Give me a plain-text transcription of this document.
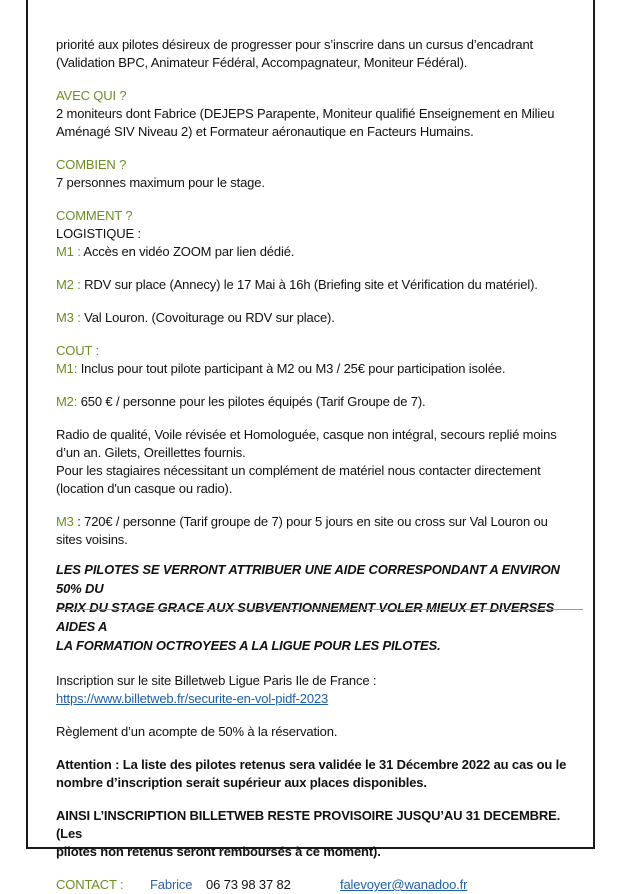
priorité aux pilotes désireux de progresser pour s’inscrire dans un cursus d’encadrant

(Validation BPC, Animateur Fédéral, Accompagnateur, Moniteur Fédéral).

AVEC QUI ?

2 moniteurs dont Fabrice (DEJEPS Parapente, Moniteur qualifié Enseignement en Milieu

Aménagé SIV Niveau 2) et Formateur aéronautique en Facteurs Humains.

COMBIEN ?

7 personnes maximum pour le stage.

COMMENT ?

LOGISTIQUE :

M1 : Accès en vidéo ZOOM par lien dédié.

M2 : RDV sur place (Annecy) le 17 Mai à 16h (Briefing site et Vérification du matériel).

M3 : Val Louron. (Covoiturage ou RDV sur place).

COUT :

M1: Inclus pour tout pilote participant à M2 ou M3 / 25€ pour participation isolée.

M2: 650 € / personne pour les pilotes équipés (Tarif Groupe de 7).

Radio de qualité, Voile révisée et Homologuée, casque non intégral, secours replié moins

d’un an. Gilets, Oreillettes fournis.

Pour les stagiaires nécessitant un complément de matériel nous contacter directement

(location d'un casque ou radio).

M3 : 720€ / personne (Tarif groupe de 7) pour 5 jours en site ou cross sur Val Louron ou

sites voisins.

LES PILOTES SE VERRONT ATTRIBUER UNE AIDE CORRESPONDANT A ENVIRON 50% DU

PRIX DU STAGE GRACE AUX SUBVENTIONNEMENT VOLER MIEUX ET DIVERSES AIDES A

LA FORMATION OCTROYEES A LA LIGUE POUR LES PILOTES.

Inscription sur le site Billetweb Ligue Paris Ile de France :

https://www.billetweb.fr/securite-en-vol-pidf-2023

Règlement d’un acompte de 50% à la réservation.

Attention : La liste des pilotes retenus sera validée le 31 Décembre 2022 au cas ou le

nombre d’inscription serait supérieur aux places disponibles.

AINSI L’INSCRIPTION BILLETWEB RESTE PROVISOIRE JUSQU’AU 31 DECEMBRE. (Les

pilotes non retenus seront remboursés à ce moment).

CONTACT :	Fabrice	06 73 98 37 82	falevoyer@wanadoo.fr
